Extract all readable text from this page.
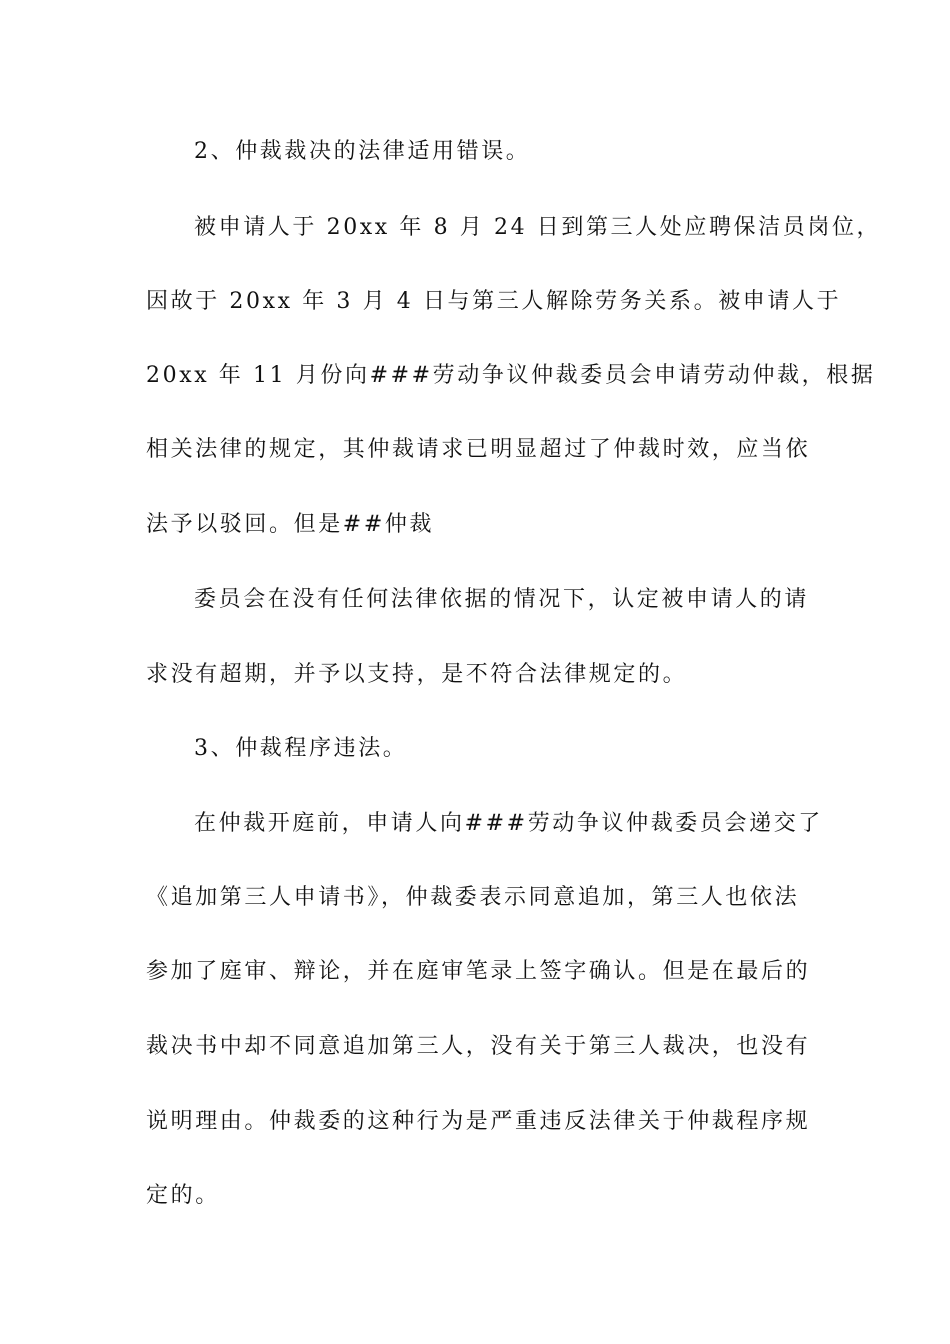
2、仲裁裁决的法律适用错误。
被申请人于 20xx 年 8 月 24 日到第三人处应聘保洁员岗位，
因故于 20xx 年 3 月 4 日与第三人解除劳务关系。被申请人于
20xx 年 11 月份向###劳动争议仲裁委员会申请劳动仲裁，根据
相关法律的规定，其仲裁请求已明显超过了仲裁时效，应当依
法予以驳回。但是##仲裁
委员会在没有任何法律依据的情况下，认定被申请人的请
求没有超期，并予以支持，是不符合法律规定的。
3、仲裁程序违法。
在仲裁开庭前，申请人向###劳动争议仲裁委员会递交了
《追加第三人申请书》，仲裁委表示同意追加，第三人也依法
参加了庭审、辩论，并在庭审笔录上签字确认。但是在最后的
裁决书中却不同意追加第三人，没有关于第三人裁决，也没有
说明理由。仲裁委的这种行为是严重违反法律关于仲裁程序规
定的。
